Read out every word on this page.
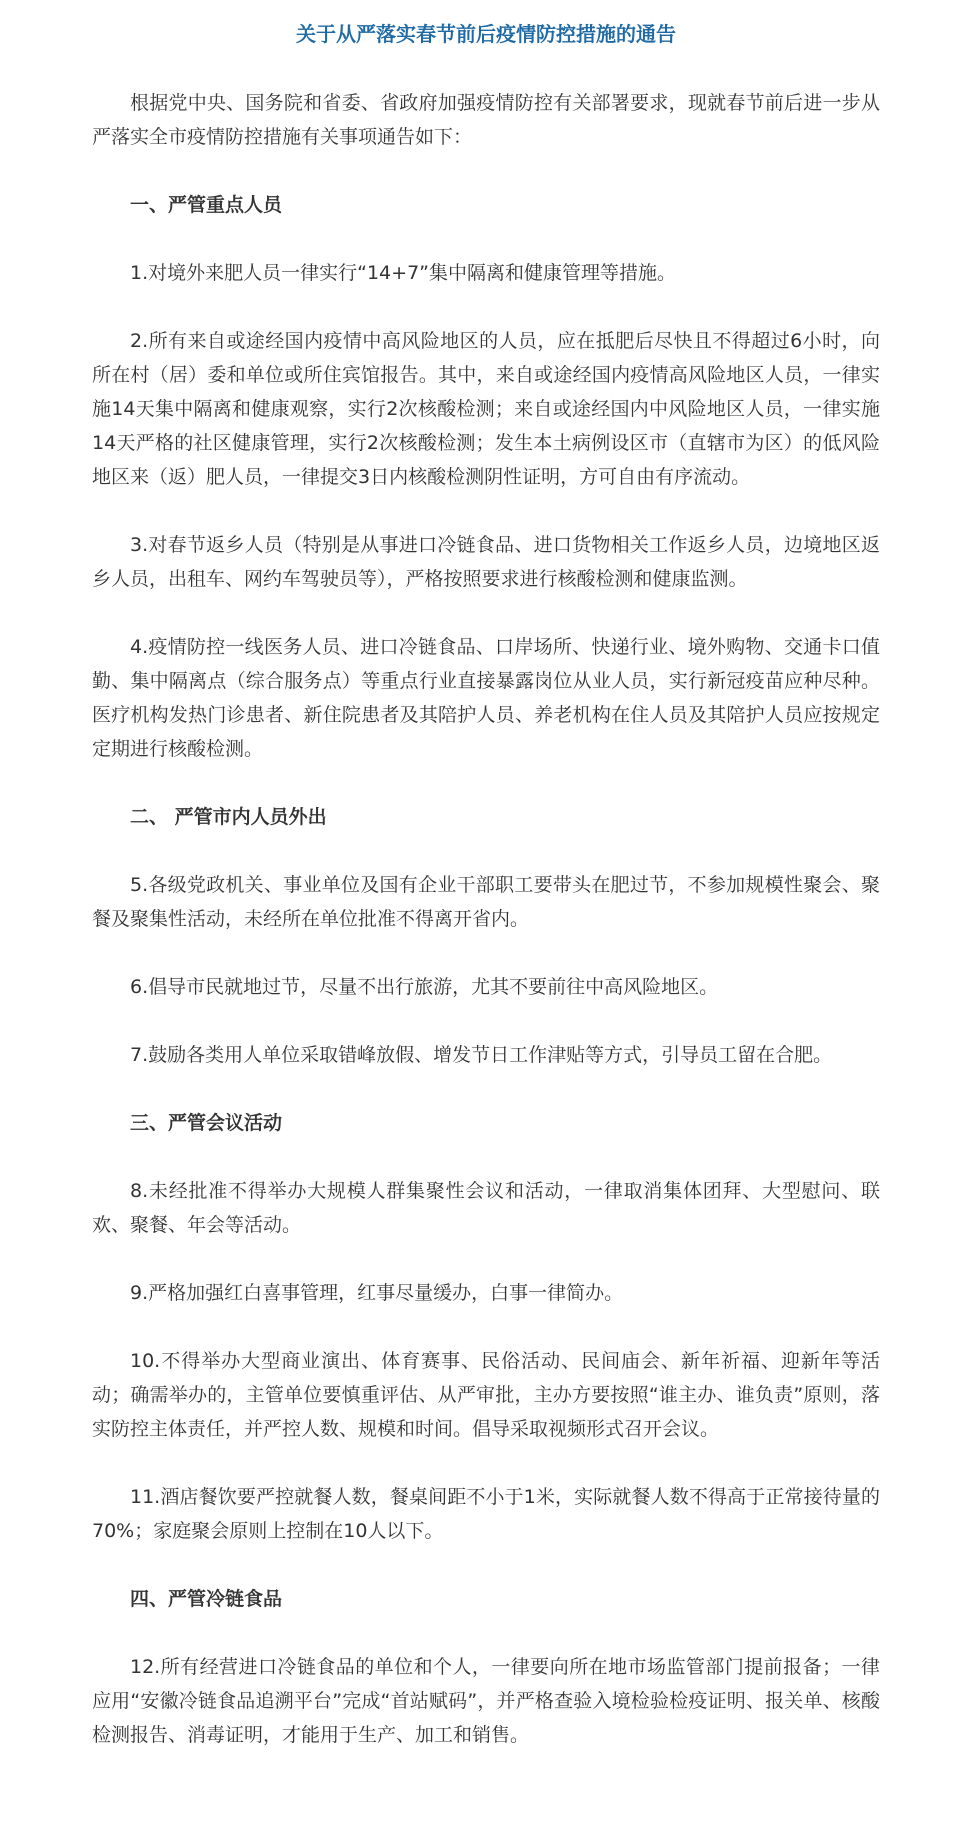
关于从严落实春节前后疫情防控措施的通告

根据党中央、国务院和省委、省政府加强疫情防控有关部署要求，现就春节前后进一步从严落实全市疫情防控措施有关事项通告如下：

一、严管重点人员

1.对境外来肥人员一律实行“14+7”集中隔离和健康管理等措施。

2.所有来自或途经国内疫情中高风险地区的人员，应在抵肥后尽快且不得超过6小时，向所在村（居）委和单位或所住宾馆报告。其中，来自或途经国内疫情高风险地区人员，一律实施14天集中隔离和健康观察，实行2次核酸检测；来自或途经国内中风险地区人员，一律实施14天严格的社区健康管理，实行2次核酸检测；发生本土病例设区市（直辖市为区）的低风险地区来（返）肥人员，一律提交3日内核酸检测阴性证明，方可自由有序流动。

3.对春节返乡人员（特别是从事进口冷链食品、进口货物相关工作返乡人员，边境地区返乡人员，出租车、网约车驾驶员等），严格按照要求进行核酸检测和健康监测。

4.疫情防控一线医务人员、进口冷链食品、口岸场所、快递行业、境外购物、交通卡口值勤、集中隔离点（综合服务点）等重点行业直接暴露岗位从业人员，实行新冠疫苗应种尽种。医疗机构发热门诊患者、新住院患者及其陪护人员、养老机构在住人员及其陪护人员应按规定定期进行核酸检测。

二、 严管市内人员外出

5.各级党政机关、事业单位及国有企业干部职工要带头在肥过节，不参加规模性聚会、聚餐及聚集性活动，未经所在单位批准不得离开省内。

6.倡导市民就地过节，尽量不出行旅游，尤其不要前往中高风险地区。

7.鼓励各类用人单位采取错峰放假、增发节日工作津贴等方式，引导员工留在合肥。

三、严管会议活动

8.未经批准不得举办大规模人群集聚性会议和活动，一律取消集体团拜、大型慰问、联欢、聚餐、年会等活动。

9.严格加强红白喜事管理，红事尽量缓办，白事一律简办。

10.不得举办大型商业演出、体育赛事、民俗活动、民间庙会、新年祈福、迎新年等活动；确需举办的，主管单位要慎重评估、从严审批，主办方要按照“谁主办、谁负责”原则，落实防控主体责任，并严控人数、规模和时间。倡导采取视频形式召开会议。

11.酒店餐饮要严控就餐人数，餐桌间距不小于1米，实际就餐人数不得高于正常接待量的70%；家庭聚会原则上控制在10人以下。

四、严管冷链食品

12.所有经营进口冷链食品的单位和个人，一律要向所在地市场监管部门提前报备；一律应用“安徽冷链食品追溯平台”完成“首站赋码”，并严格查验入境检验检疫证明、报关单、核酸检测报告、消毒证明，才能用于生产、加工和销售。
